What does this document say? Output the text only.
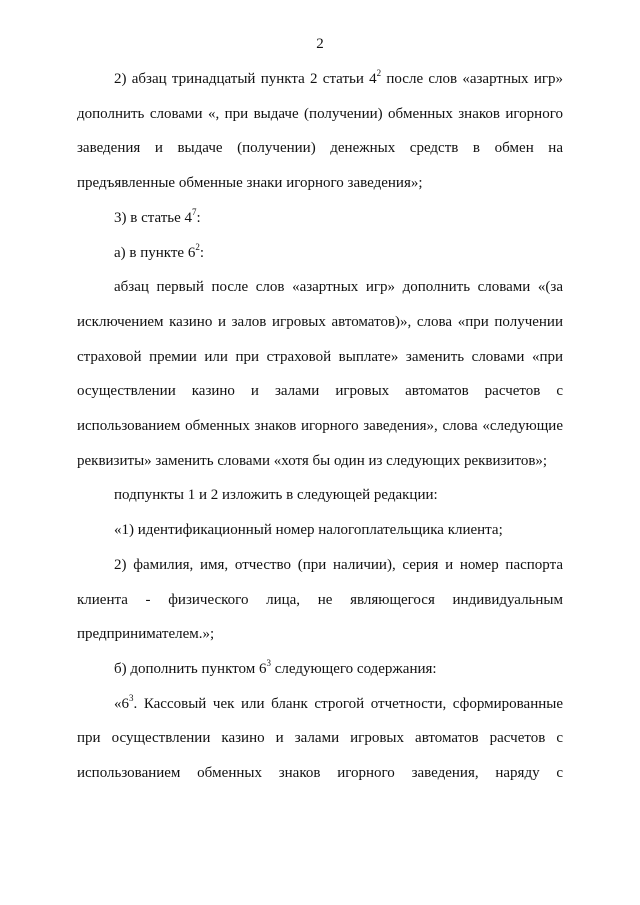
2

2) абзац тринадцатый пункта 2 статьи $4^2$ после слов «азартных игр» дополнить словами «, при выдаче (получении) обменных знаков игорного заведения и выдаче (получении) денежных средств в обмен на предъявленные обменные знаки игорного заведения»;

3) в статье $4^7$:

а) в пункте $6^2$:

абзац первый после слов «азартных игр» дополнить словами «(за исключением казино и залов игровых автоматов)», слова «при получении страховой премии или при страховой выплате» заменить словами «при осуществлении казино и залами игровых автоматов расчетов с использованием обменных знаков игорного заведения», слова «следующие реквизиты» заменить словами «хотя бы один из следующих реквизитов»;

подпункты 1 и 2 изложить в следующей редакции:

«1) идентификационный номер налогоплательщика клиента;

2) фамилия, имя, отчество (при наличии), серия и номер паспорта клиента - физического лица, не являющегося индивидуальным предпринимателем.»;

б) дополнить пунктом $6^3$ следующего содержания:

«$6^3$. Кассовый чек или бланк строгой отчетности, сформированные при осуществлении казино и залами игровых автоматов расчетов с использованием обменных знаков игорного заведения, наряду с
